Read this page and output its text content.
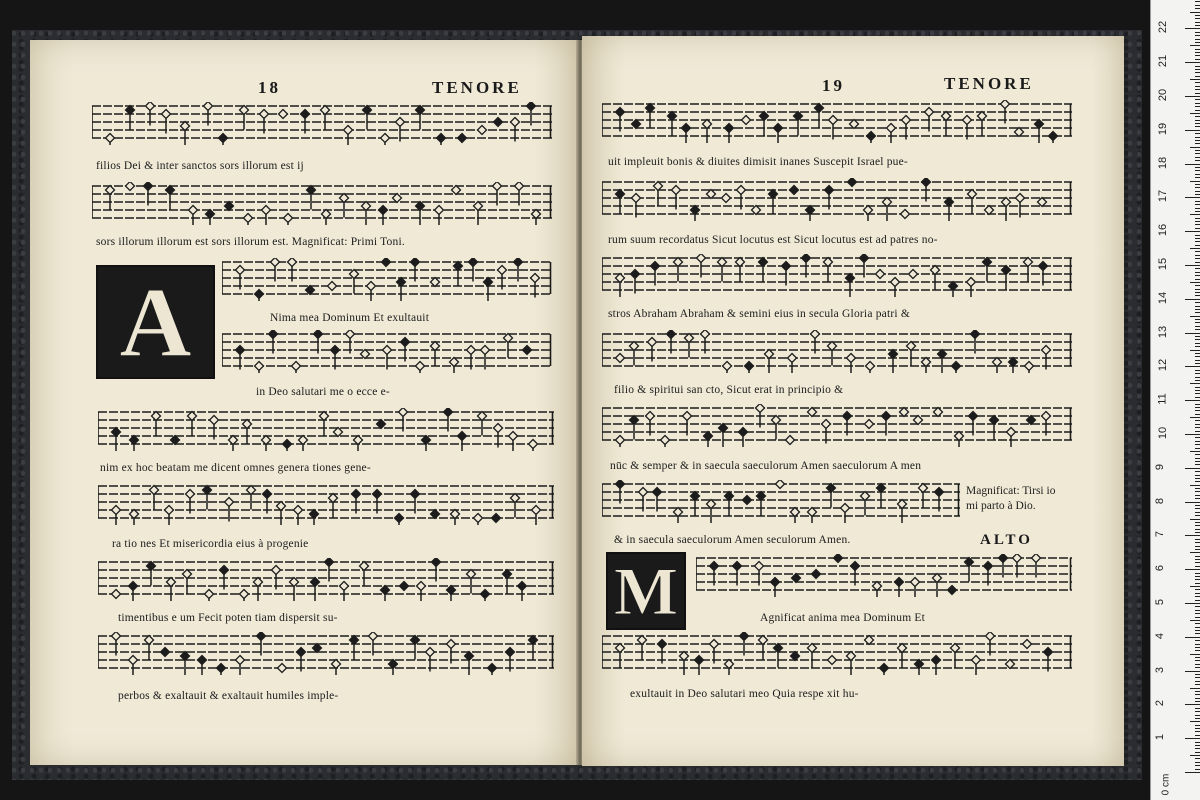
18	TENORE
filios Dei & inter sanctos sors illorum est ij
sors illorum illorum est sors illorum est. Magnificat: Primi Toni.
A	Nima mea Dominum Et exultauit
in Deo salutari me o ecce e-
nim ex hoc beatam me dicent omnes genera tiones gene-
ra tio nes Et misericordia eius à progenie
timentibus e um Fecit poten tiam dispersit su-
perbos & exaltauit & exaltauit humiles imple-
19	TENORE
uit impleuit bonis & diuites dimisit inanes Suscepit Israel pue-
rum suum recordatus Sicut locutus est Sicut locutus est ad patres no-
stros Abraham Abraham & semini eius in secula Gloria patri &
filio & spiritui san cto, Sicut erat in principio &
nūc & semper & in saecula saeculorum Amen saeculorum A men
Magnificat: Tirsi io
mi parto à Dio.
& in saecula saeculorum Amen seculorum Amen.	ALTO
M	Agnificat anima mea Dominum Et
exultauit in Deo salutari meo Quia respe xit hu-
1
2
3
4
5
6
7
8
9
10
11
12
13
14
15
16
17
18
19
20
21
22
0 cm
